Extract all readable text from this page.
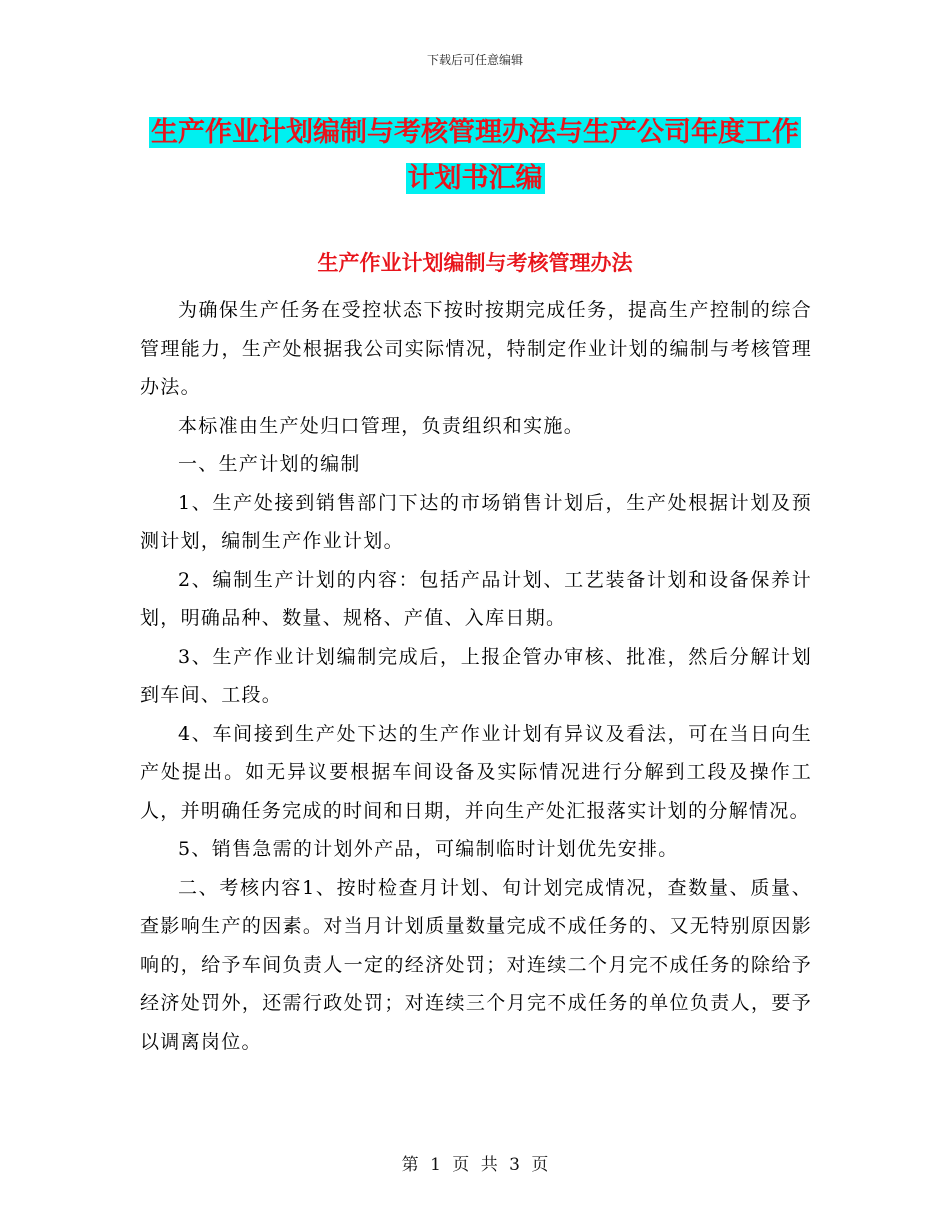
下载后可任意编辑
生产作业计划编制与考核管理办法与生产公司年度工作计划书汇编
生产作业计划编制与考核管理办法

为确保生产任务在受控状态下按时按期完成任务，提高生产控制的综合管理能力，生产处根据我公司实际情况，特制定作业计划的编制与考核管理办法。

本标准由生产处归口管理，负责组织和实施。

一、生产计划的编制

1、生产处接到销售部门下达的市场销售计划后，生产处根据计划及预测计划，编制生产作业计划。

2、编制生产计划的内容：包括产品计划、工艺装备计划和设备保养计划，明确品种、数量、规格、产值、入库日期。

3、生产作业计划编制完成后，上报企管办审核、批准，然后分解计划到车间、工段。

4、车间接到生产处下达的生产作业计划有异议及看法，可在当日向生产处提出。如无异议要根据车间设备及实际情况进行分解到工段及操作工人，并明确任务完成的时间和日期，并向生产处汇报落实计划的分解情况。

5、销售急需的计划外产品，可编制临时计划优先安排。

二、考核内容1、按时检查月计划、旬计划完成情况，查数量、质量、查影响生产的因素。对当月计划质量数量完成不成任务的、又无特别原因影响的，给予车间负责人一定的经济处罚；对连续二个月完不成任务的除给予经济处罚外，还需行政处罚；对连续三个月完不成任务的单位负责人，要予以调离岗位。

第 1 页 共 3 页
